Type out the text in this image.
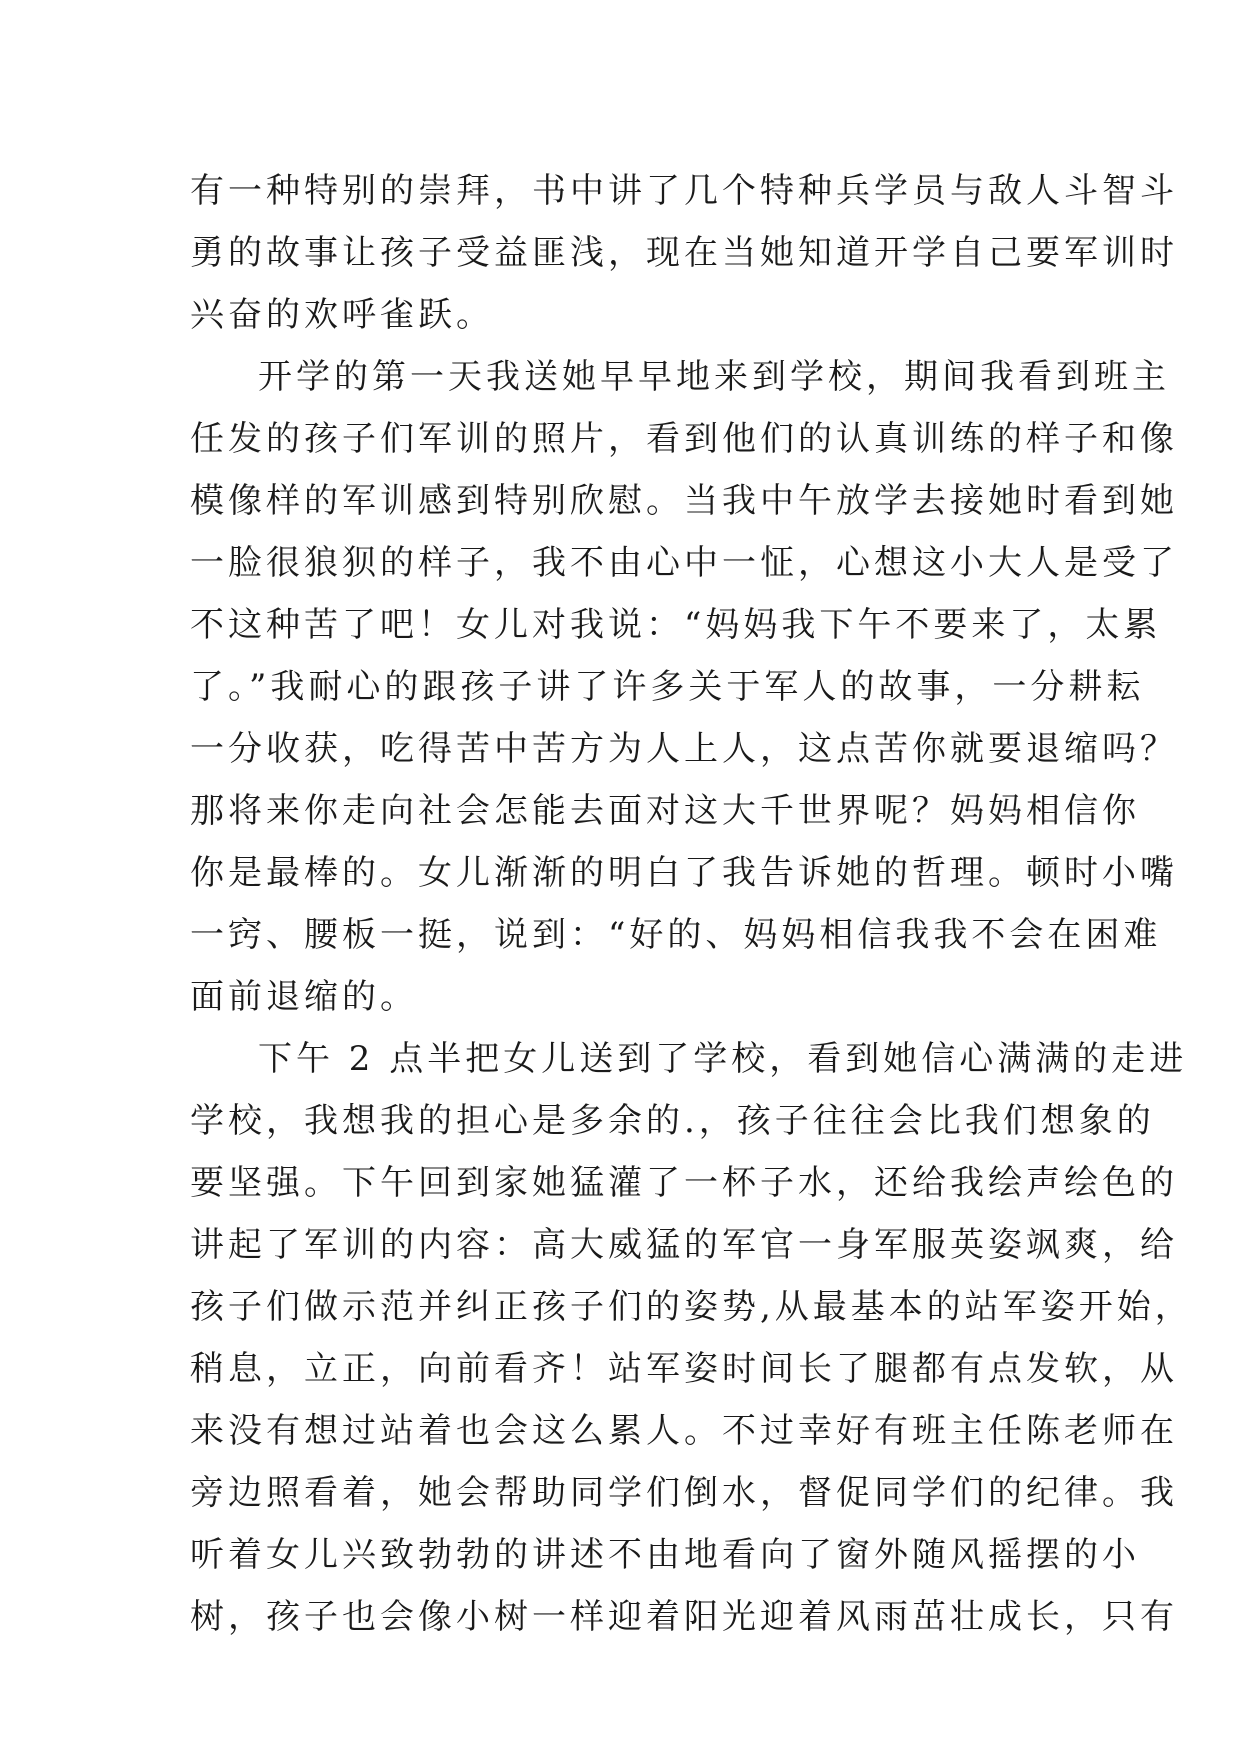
有一种特别的崇拜，书中讲了几个特种兵学员与敌人斗智斗
勇的故事让孩子受益匪浅，现在当她知道开学自己要军训时
兴奋的欢呼雀跃。
开学的第一天我送她早早地来到学校，期间我看到班主
任发的孩子们军训的照片，看到他们的认真训练的样子和像
模像样的军训感到特别欣慰。当我中午放学去接她时看到她
一脸很狼狈的样子，我不由心中一怔，心想这小大人是受了
不这种苦了吧！女儿对我说：“妈妈我下午不要来了，太累
了。”我耐心的跟孩子讲了许多关于军人的故事，一分耕耘
一分收获，吃得苦中苦方为人上人，这点苦你就要退缩吗？
那将来你走向社会怎能去面对这大千世界呢？妈妈相信你
你是最棒的。女儿渐渐的明白了我告诉她的哲理。顿时小嘴
一窍、腰板一挺，说到：“好的、妈妈相信我我不会在困难
面前退缩的。
下午 2 点半把女儿送到了学校，看到她信心满满的走进
学校，我想我的担心是多余的.，孩子往往会比我们想象的
要坚强。下午回到家她猛灌了一杯子水，还给我绘声绘色的
讲起了军训的内容：高大威猛的军官一身军服英姿飒爽，给
孩子们做示范并纠正孩子们的姿势,从最基本的站军姿开始，
稍息，立正，向前看齐！站军姿时间长了腿都有点发软，从
来没有想过站着也会这么累人。不过幸好有班主任陈老师在
旁边照看着，她会帮助同学们倒水，督促同学们的纪律。我
听着女儿兴致勃勃的讲述不由地看向了窗外随风摇摆的小
树，孩子也会像小树一样迎着阳光迎着风雨茁壮成长，只有
